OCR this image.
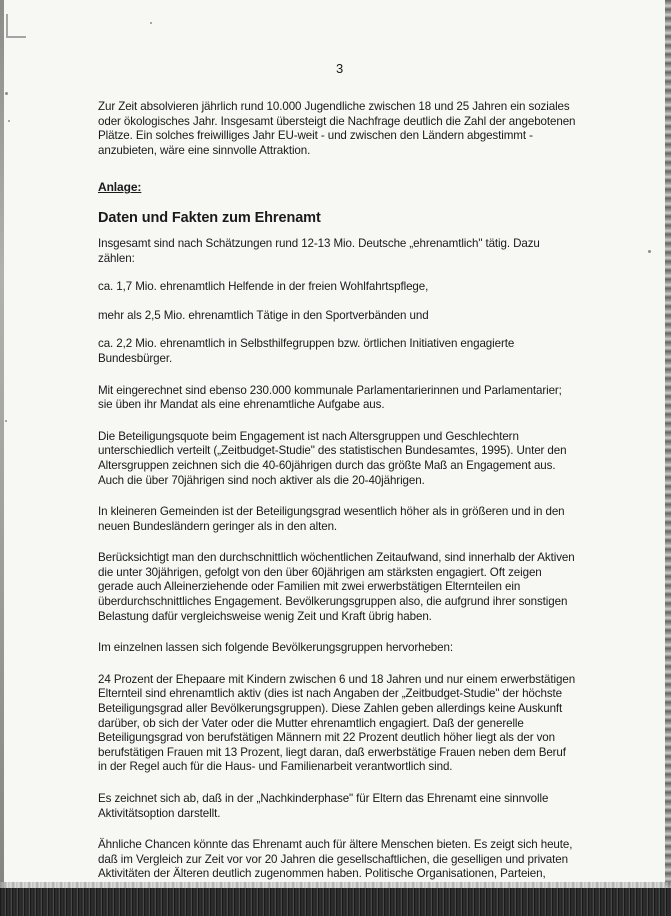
3

Zur Zeit absolvieren jährlich rund 10.000 Jugendliche zwischen 18 und 25 Jahren ein soziales oder ökologisches Jahr. Insgesamt übersteigt die Nachfrage deutlich die Zahl der angebotenen Plätze. Ein solches freiwilliges Jahr EU-weit - und zwischen den Ländern abgestimmt - anzubieten, wäre eine sinnvolle Attraktion.

Anlage:

Daten und Fakten zum Ehrenamt

Insgesamt sind nach Schätzungen rund 12-13 Mio. Deutsche „ehrenamtlich" tätig. Dazu zählen:

ca. 1,7 Mio. ehrenamtlich Helfende in der freien Wohlfahrtspflege,

mehr als 2,5 Mio. ehrenamtlich Tätige in den Sportverbänden und

ca. 2,2 Mio. ehrenamtlich in Selbsthilfegruppen bzw. örtlichen Initiativen engagierte Bundesbürger.

Mit eingerechnet sind ebenso 230.000 kommunale Parlamentarierinnen und Parlamentarier; sie üben ihr Mandat als eine ehrenamtliche Aufgabe aus.

Die Beteiligungsquote beim Engagement ist nach Altersgruppen und Geschlechtern unterschiedlich verteilt („Zeitbudget-Studie" des statistischen Bundesamtes, 1995). Unter den Altersgruppen zeichnen sich die 40-60jährigen durch das größte Maß an Engagement aus. Auch die über 70jährigen sind noch aktiver als die 20-40jährigen.

In kleineren Gemeinden ist der Beteiligungsgrad wesentlich höher als in größeren und in den neuen Bundesländern geringer als in den alten.

Berücksichtigt man den durchschnittlich wöchentlichen Zeitaufwand, sind innerhalb der Aktiven die unter 30jährigen, gefolgt von den über 60jährigen am stärksten engagiert. Oft zeigen gerade auch Alleinerziehende oder Familien mit zwei erwerbstätigen Elternteilen ein überdurchschnittliches Engagement. Bevölkerungsgruppen also, die aufgrund ihrer sonstigen Belastung dafür vergleichsweise wenig Zeit und Kraft übrig haben.

Im einzelnen lassen sich folgende Bevölkerungsgruppen hervorheben:

24 Prozent der Ehepaare mit Kindern zwischen 6 und 18 Jahren und nur einem erwerbstätigen Elternteil sind ehrenamtlich aktiv (dies ist nach Angaben der „Zeitbudget-Studie" der höchste Beteiligungsgrad aller Bevölkerungsgruppen). Diese Zahlen geben allerdings keine Auskunft darüber, ob sich der Vater oder die Mutter ehrenamtlich engagiert. Daß der generelle Beteiligungsgrad von berufstätigen Männern mit 22 Prozent deutlich höher liegt als der von berufstätigen Frauen mit 13 Prozent, liegt daran, daß erwerbstätige Frauen neben dem Beruf in der Regel auch für die Haus- und Familienarbeit verantwortlich sind.

Es zeichnet sich ab, daß in der „Nachkinderphase" für Eltern das Ehrenamt eine sinnvolle Aktivitätsoption darstellt.

Ähnliche Chancen könnte das Ehrenamt auch für ältere Menschen bieten. Es zeigt sich heute, daß im Vergleich zur Zeit vor vor 20 Jahren die gesellschaftlichen, die geselligen und privaten Aktivitäten der Älteren deutlich zugenommen haben. Politische Organisationen, Parteien,
